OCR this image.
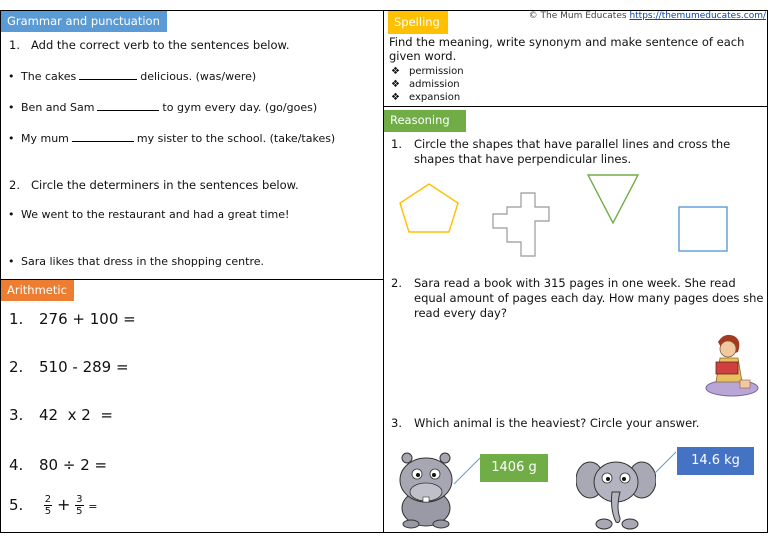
Grammar and punctuation
1. Add the correct verb to the sentences below.
• The cakes	delicious. (was/were)
• Ben and Sam	to gym every day. (go/goes)
• My mum	my sister to the school. (take/takes)
2. Circle the determiners in the sentences below.
• We went to the restaurant and had a great time!
• Sara likes that dress in the shopping centre.
Arithmetic
1. 276 + 100 =
2. 510 - 289 =
3. 42  x 2  =
4. 80 ÷ 2 =
5. $\frac{2}{5} + \frac{3}{5}$ =
© The Mum Educates https://themumeducates.com/
Spelling
Find the meaning, write synonym and make sentence of each given word.
❖ permission
❖ admission
❖ expansion
Reasoning
1. Circle the shapes that have parallel lines and cross the shapes that have perpendicular lines.
2. Sara read a book with 315 pages in one week. She read equal amount of pages each day. How many pages does she read every day?
3. Which animal is the heaviest? Circle your answer.
1406 g	14.6 kg
